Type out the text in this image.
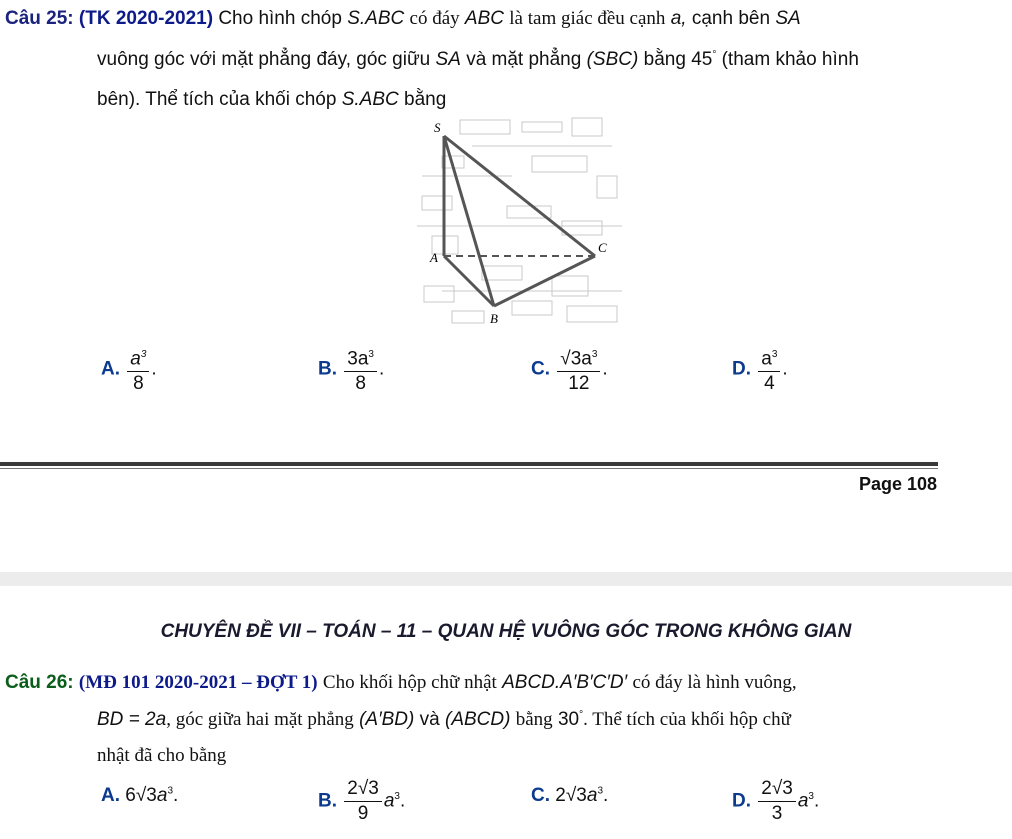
Câu 25: (TK 2020-2021) Cho hình chóp S.ABC có đáy ABC là tam giác đều cạnh a, cạnh bên SA
vuông góc với mặt phẳng đáy, góc giữu SA và mặt phẳng (SBC) bằng 45° (tham khảo hình
bên). Thể tích của khối chóp S.ABC bằng
S
A
B
C
A. $\frac{a^3}{8}$ .	B. $\frac{3a^3}{8}$ .	C. $\frac{√3a^3}{12}$ .	D. $\frac{a^3}{4}$ .
Page 108
CHUYÊN ĐỀ VII – TOÁN – 11 – QUAN HỆ VUÔNG GÓC TRONG KHÔNG GIAN
Câu 26: (MĐ 101 2020-2021 – ĐỢT 1) Cho khối hộp chữ nhật ABCD.A′B′C′D′ có đáy là hình vuông,
BD = 2a, góc giữa hai mặt phẳng (A′BD) và (ABCD) bằng 30°. Thể tích của khối hộp chữ
nhật đã cho bằng
A. $6√3a^3$.	B. $\frac{2√3}{9} a^3$.	C. $2√3a^3$.	D. $\frac{2√3}{3} a^3$.
